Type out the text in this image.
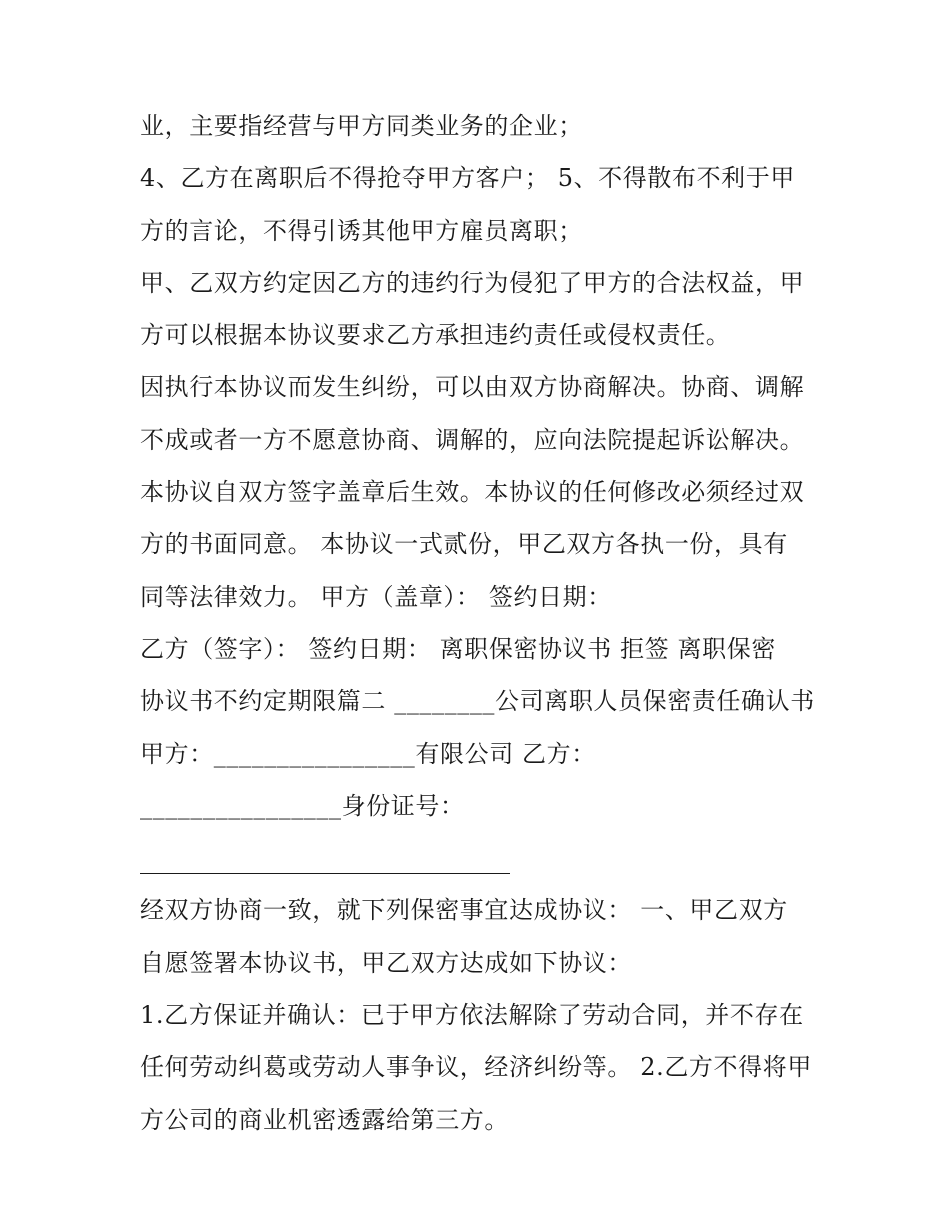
业，主要指经营与甲方同类业务的企业；
4、乙方在离职后不得抢夺甲方客户； 5、不得散布不利于甲
方的言论，不得引诱其他甲方雇员离职；
甲、乙双方约定因乙方的违约行为侵犯了甲方的合法权益，甲
方可以根据本协议要求乙方承担违约责任或侵权责任。
因执行本协议而发生纠纷，可以由双方协商解决。协商、调解
不成或者一方不愿意协商、调解的，应向法院提起诉讼解决。
本协议自双方签字盖章后生效。本协议的任何修改必须经过双
方的书面同意。 本协议一式贰份，甲乙双方各执一份，具有
同等法律效力。 甲方（盖章）： 签约日期：
乙方（签字）： 签约日期： 离职保密协议书 拒签 离职保密
协议书不约定期限篇二 ________公司离职人员保密责任确认书
甲方：________________有限公司 乙方：
________________身份证号：
经双方协商一致，就下列保密事宜达成协议： 一、甲乙双方
自愿签署本协议书，甲乙双方达成如下协议：
1.乙方保证并确认：已于甲方依法解除了劳动合同，并不存在
任何劳动纠葛或劳动人事争议，经济纠纷等。 2.乙方不得将甲
方公司的商业机密透露给第三方。
